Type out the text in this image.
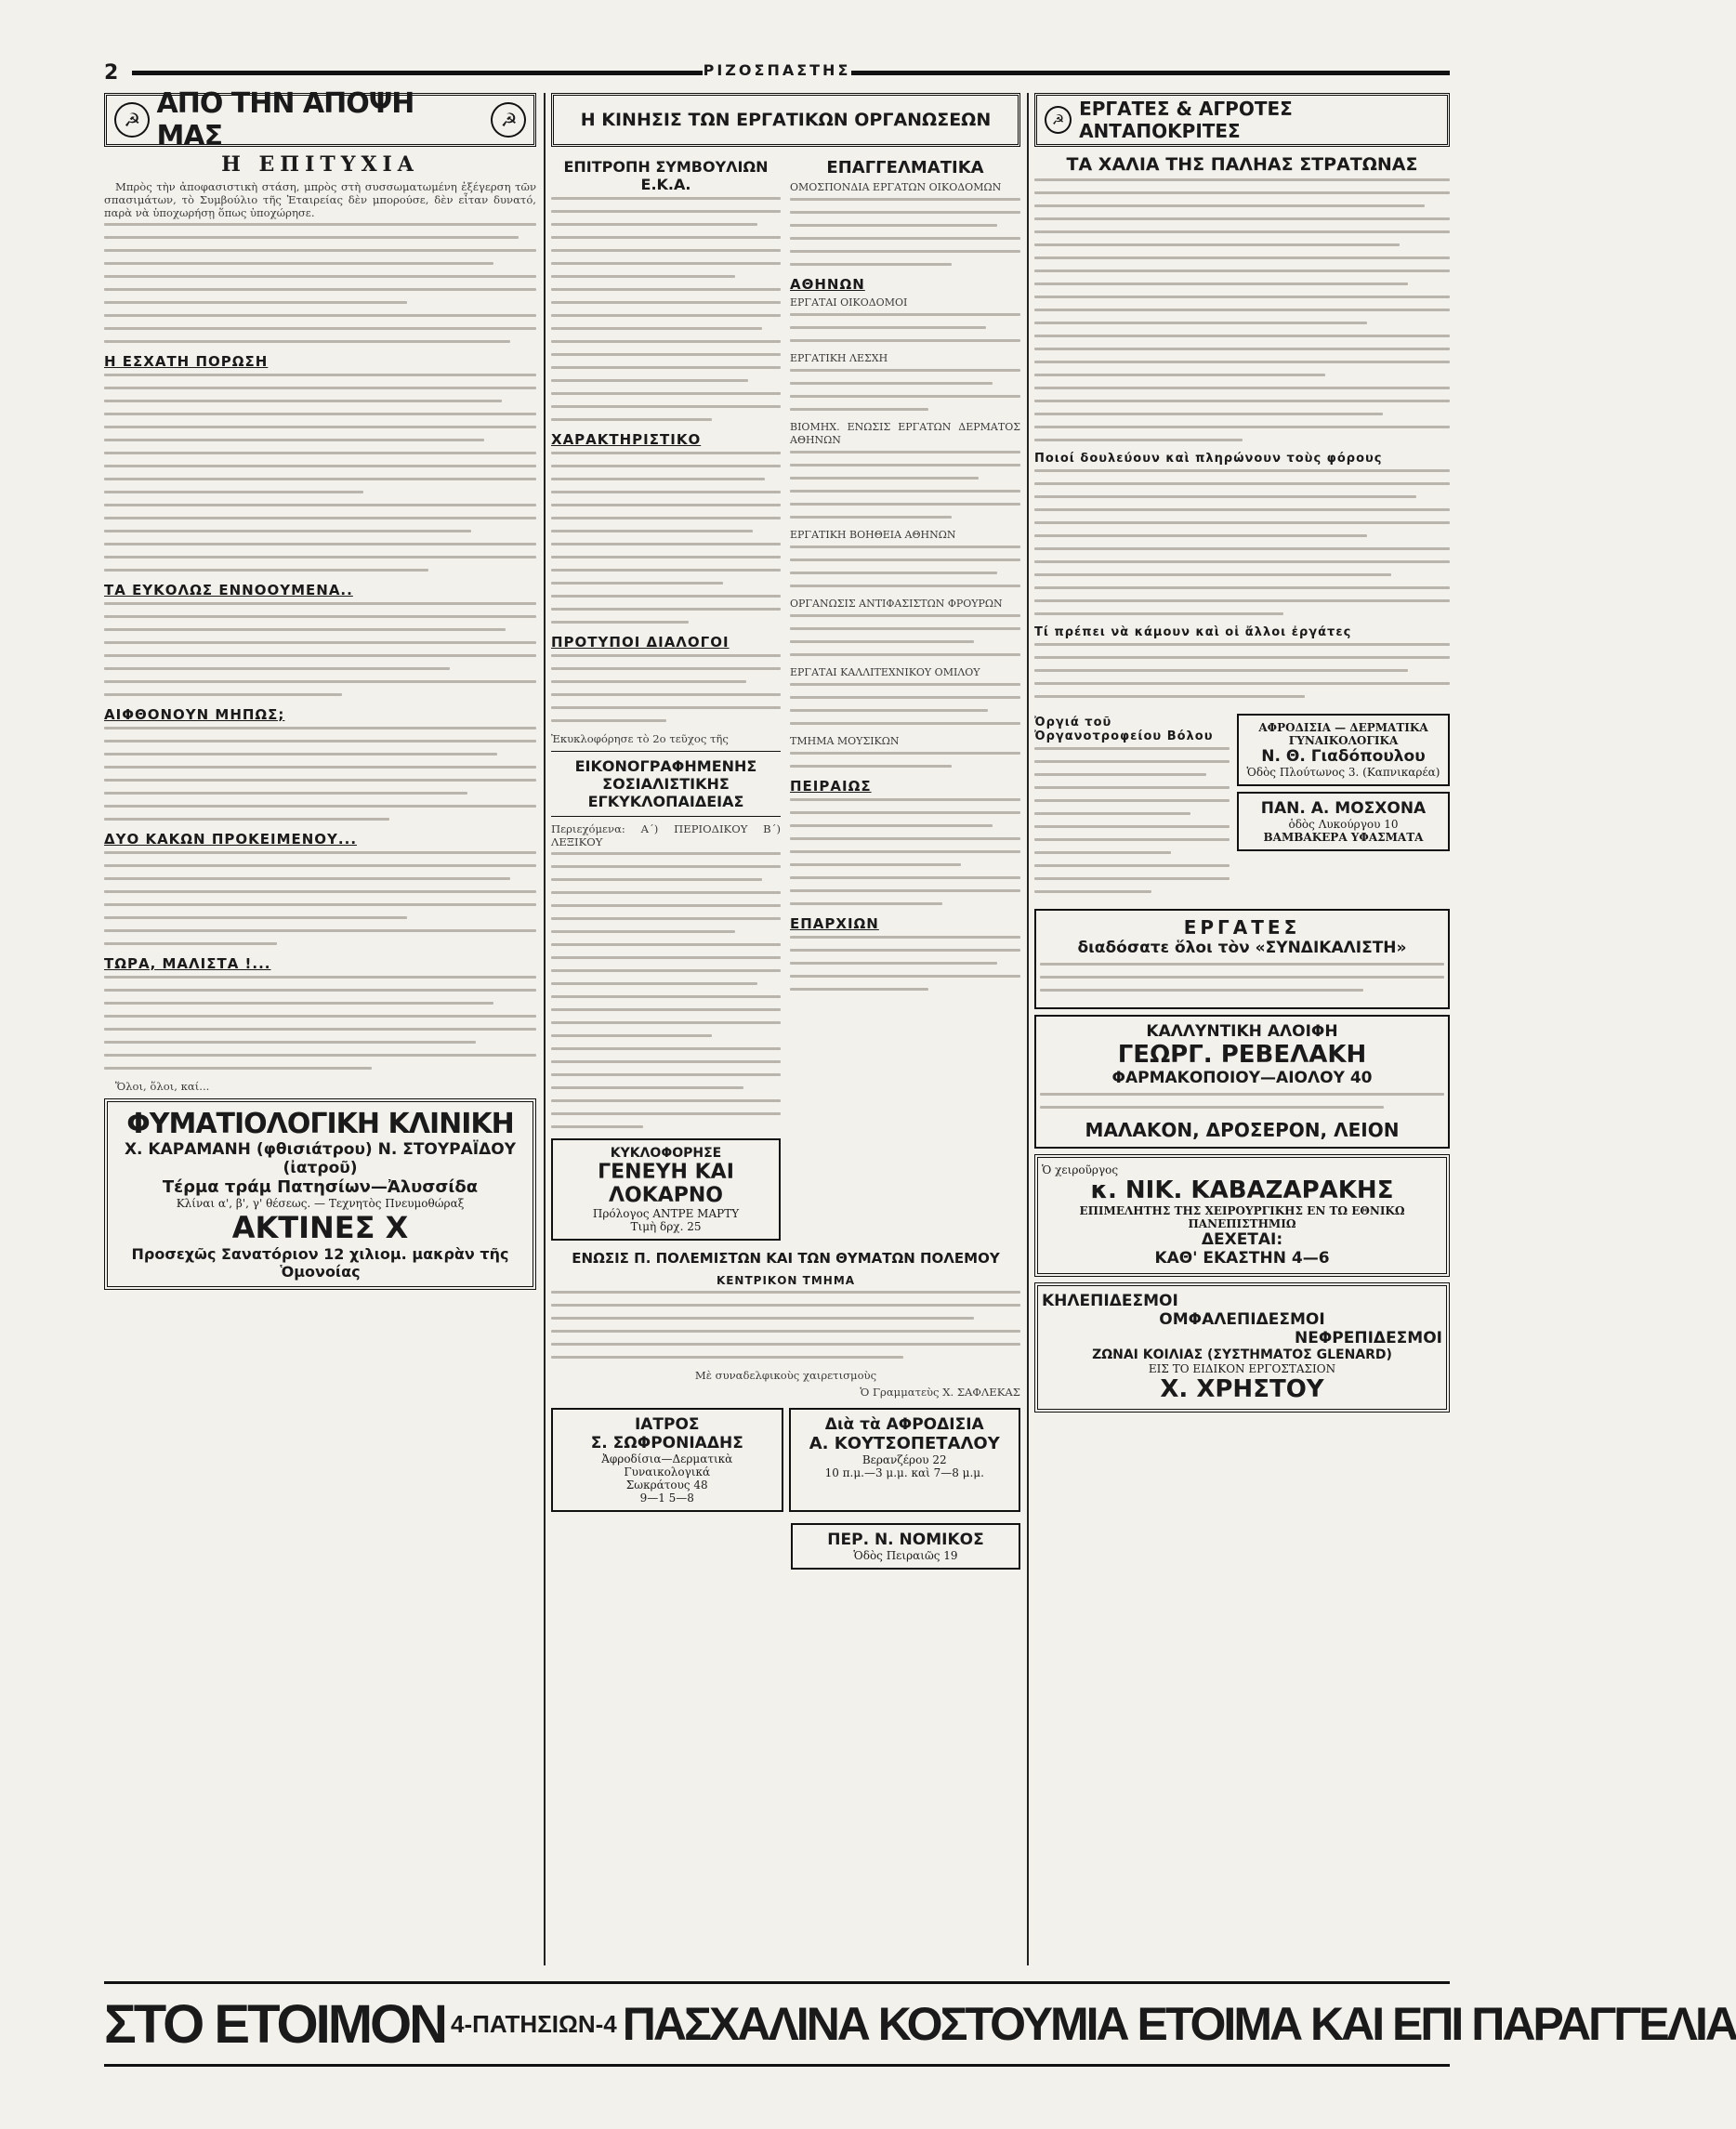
2	ΡΙΖΟΣΠΑΣΤΗΣ
☭ ΑΠΟ ΤΗΝ ΑΠΟΨΗ ΜΑΣ	☭
Η ΕΠΙΤΥΧΙΑ

Μπρὸς τὴν ἀποφασιστικὴ στάση, μπρὸς στὴ συσσωματωμένη ἐξέγερση τῶν σπασιμάτων, τὸ Συμβούλιο τῆς Ἑταιρείας δὲν μπορούσε, δὲν εἶταν δυνατό, παρὰ νὰ ὑποχωρήσῃ ὅπως ὑποχώρησε.

Η ΕΣΧΑΤΗ ΠΟΡΩΣΗ
ΤΑ ΕΥΚΟΛΩΣ ΕΝΝΟΟΥΜΕΝΑ..
ΑΙΦΘΟΝΟΥΝ ΜΗΠΩΣ;
ΔΥΟ ΚΑΚΩΝ ΠΡΟΚΕΙΜΕΝΟΥ...
ΤΩΡΑ, ΜΑΛΙΣΤΑ !...

Ὅλοι, ὅλοι, καί...

ΦΥΜΑΤΙΟΛΟΓΙΚΗ ΚΛΙΝΙΚΗ
Χ. ΚΑΡΑΜΑΝΗ (φθισιάτρου) Ν. ΣΤΟΥΡΑΪΔΟΥ (ἰατροῦ)
Τέρμα τράμ Πατησίων—Ἀλυσσίδα
Κλίναι α', β', γ' θέσεως. — Τεχνητὸς Πνευμοθώραξ
ΑΚΤΙΝΕΣ Χ
Προσεχῶς Σανατόριον 12 χιλιομ. μακρὰν τῆς Ὁμονοίας
Η ΚΙΝΗΣΙΣ ΤΩΝ ΕΡΓΑΤΙΚΩΝ ΟΡΓΑΝΩΣΕΩΝ
ΕΠΙΤΡΟΠΗ ΣΥΜΒΟΥΛΙΩΝ Ε.Κ.Α.
ΧΑΡΑΚΤΗΡΙΣΤΙΚΟ
ΠΡΟΤΥΠΟΙ ΔΙΑΛΟΓΟΙ
Ἐκυκλοφόρησε τὸ 2ο τεῦχος τῆς
ΕΙΚΟΝΟΓΡΑΦΗΜΕΝΗΣ ΣΟΣΙΑΛΙΣΤΙΚΗΣ ΕΓΚΥΚΛΟΠΑΙΔΕΙΑΣ
Περιεχόμενα: Α΄) ΠΕΡΙΟΔΙΚΟΥ Β΄) ΛΕΞΙΚΟΥ
ΚΥΚΛΟΦΟΡΗΣΕ
ΓΕΝΕΥΗ ΚΑΙ ΛΟΚΑΡΝΟ
Πρόλογος ΑΝΤΡΕ ΜΑΡΤΥ
Τιμὴ δρχ. 25
ΕΠΑΓΓΕΛΜΑΤΙΚΑ
ΟΜΟΣΠΟΝΔΙΑ ΕΡΓΑΤΩΝ ΟΙΚΟΔΟΜΩΝ
ΑΘΗΝΩΝ
ΕΡΓΑΤΑΙ ΟΙΚΟΔΟΜΟΙ
ΕΡΓΑΤΙΚΗ ΛΕΣΧΗ
ΒΙΟΜΗΧ. ΕΝΩΣΙΣ ΕΡΓΑΤΩΝ ΔΕΡΜΑΤΟΣ ΑΘΗΝΩΝ
ΕΡΓΑΤΙΚΗ ΒΟΗΘΕΙΑ ΑΘΗΝΩΝ
ΟΡΓΑΝΩΣΙΣ ΑΝΤΙΦΑΣΙΣΤΩΝ ΦΡΟΥΡΩΝ
ΕΡΓΑΤΑΙ ΚΑΛΛΙΤΕΧΝΙΚΟΥ ΟΜΙΛΟΥ
ΤΜΗΜΑ ΜΟΥΣΙΚΩΝ
ΠΕΙΡΑΙΩΣ
ΕΠΑΡΧΙΩΝ
ΕΝΩΣΙΣ Π. ΠΟΛΕΜΙΣΤΩΝ ΚΑΙ ΤΩΝ ΘΥΜΑΤΩΝ ΠΟΛΕΜΟΥ
ΚΕΝΤΡΙΚΟΝ ΤΜΗΜΑ
Μὲ συναδελφικοὺς χαιρετισμοὺς
Ὁ Γραμματεὺς Χ. ΣΑΦΛΕΚΑΣ
ΙΑΤΡΟΣ
Σ. ΣΩΦΡΟΝΙΑΔΗΣ
Ἀφροδίσια—Δερματικὰ Γυναικολογικά
Σωκράτους 48
9—1 5—8
Διὰ τὰ ΑΦΡΟΔΙΣΙΑ
Α. ΚΟΥΤΣΟΠΕΤΑΛΟΥ
Βερανζέρου 22
10 π.μ.—3 μ.μ. καὶ 7—8 μ.μ.
ΠΕΡ. Ν. ΝΟΜΙΚΟΣ
Ὁδὸς Πειραιῶς 19
☭ ΕΡΓΑΤΕΣ & ΑΓΡΟΤΕΣ ΑΝΤΑΠΟΚΡΙΤΕΣ
ΤΑ ΧΑΛΙΑ ΤΗΣ ΠΑΛΗΑΣ ΣΤΡΑΤΩΝΑΣ
Ποιοί δουλεύουν καὶ πληρώνουν τοὺς φόρους
Τί πρέπει νὰ κάμουν καὶ οἱ ἄλλοι ἐργάτες
Ὀργιά τοῦ Ὀργανοτροφείου Βόλου
ΑΦΡΟΔΙΣΙΑ — ΔΕΡΜΑΤΙΚΑ ΓΥΝΑΙΚΟΛΟΓΙΚΑ
Ν. Θ. Γιαδόπουλου
Ὁδὸς Πλούτωνος 3. (Καπνικαρέα)
ΠΑΝ. Α. ΜΟΣΧΟΝΑ
ὁδὸς Λυκούργου 10
ΒΑΜΒΑΚΕΡΑ ΥΦΑΣΜΑΤΑ
ΕΡΓΑΤΕΣ
διαδόσατε ὅλοι τὸν «ΣΥΝΔΙΚΑΛΙΣΤΗ»
ΚΑΛΛΥΝΤΙΚΗ ΑΛΟΙΦΗ
ΓΕΩΡΓ. ΡΕΒΕΛΑΚΗ
ΦΑΡΜΑΚΟΠΟΙΟΥ—ΑΙΟΛΟΥ 40
ΜΑΛΑΚΟΝ, ΔΡΟΣΕΡΟΝ, ΛΕΙΟΝ
Ὁ χειροῦργος
κ. ΝΙΚ. ΚΑΒΑΖΑΡΑΚΗΣ
ΕΠΙΜΕΛΗΤΗΣ ΤΗΣ ΧΕΙΡΟΥΡΓΙΚΗΣ ΕΝ ΤΩ ΕΘΝΙΚΩ ΠΑΝΕΠΙΣΤΗΜΙΩ
ΔΕΧΕΤΑΙ:
ΚΑΘ' ΕΚΑΣΤΗΝ 4—6
ΚΗΛΕΠΙΔΕΣΜΟΙ
ΟΜΦΑΛΕΠΙΔΕΣΜΟΙ
ΝΕΦΡΕΠΙΔΕΣΜΟΙ
ΖΩΝΑΙ ΚΟΙΛΙΑΣ (ΣΥΣΤΗΜΑΤΟΣ GLENARD)
ΕΙΣ ΤΟ ΕΙΔΙΚΟΝ ΕΡΓΟΣΤΑΣΙΟΝ
Χ. ΧΡΗΣΤΟΥ
ΣΤΟ ΕΤΟΙΜΟΝ 4-ΠΑΤΗΣΙΩΝ-4 ΠΑΣΧΑΛΙΝΑ ΚΟΣΤΟΥΜΙΑ ΕΤΟΙΜΑ ΚΑΙ ΕΠΙ ΠΑΡΑΓΓΕΛΙΑ
